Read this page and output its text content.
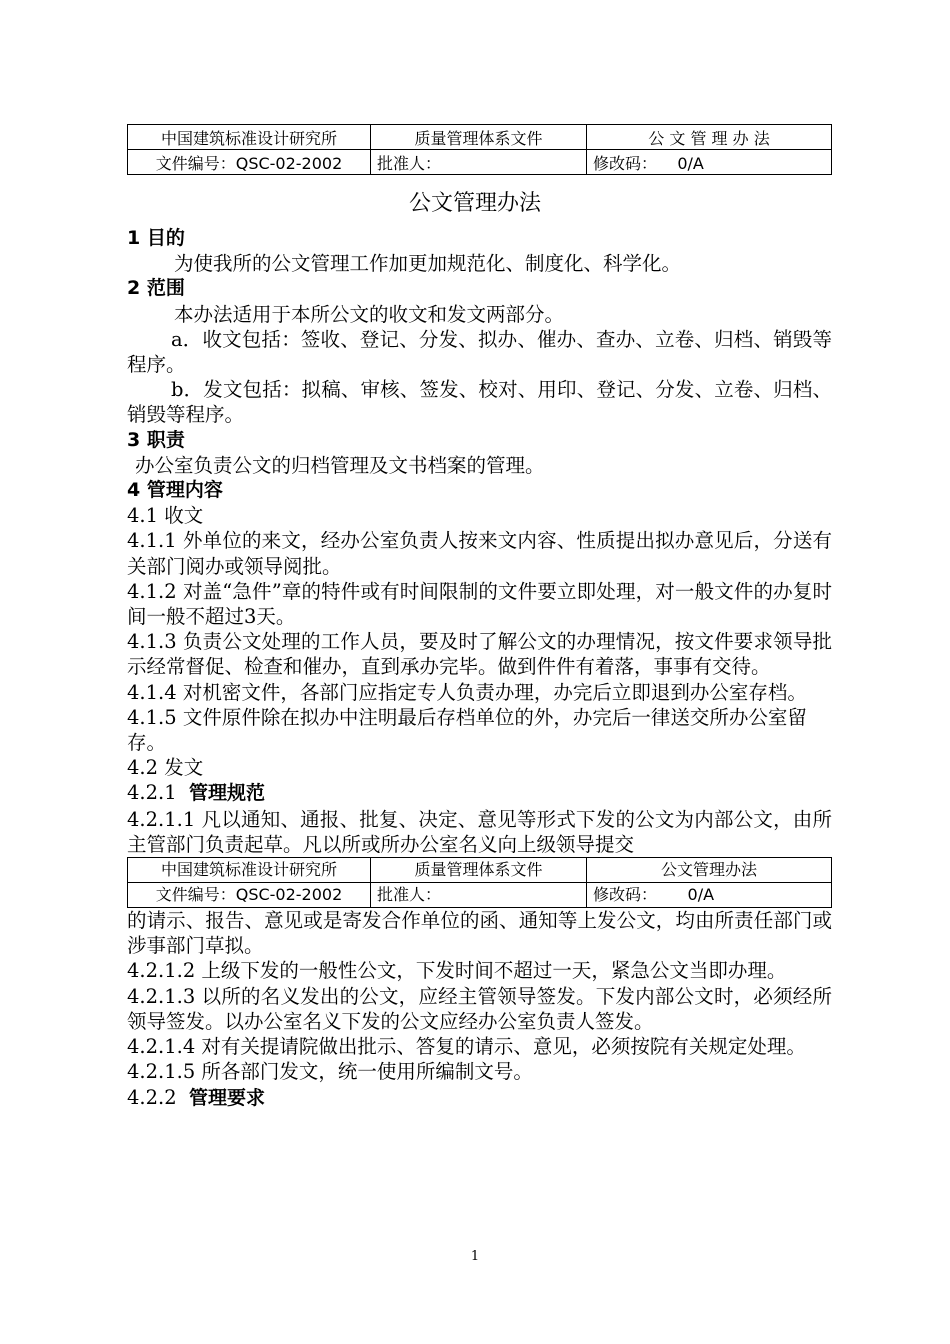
中国建筑标准设计研究所	质量管理体系文件	公 文 管 理 办 法
文件编号：QSC-02-2002	批准人：	修改码：    0/A
公文管理办法

1 目的

为使我所的公文管理工作加更加规范化、制度化、科学化。

2 范围

本办法适用于本所公文的收文和发文两部分。

a．收文包括：签收、登记、分发、拟办、催办、查办、立卷、归档、销毁等程序。

b．发文包括：拟稿、审核、签发、校对、用印、登记、分发、立卷、归档、销毁等程序。

3 职责

办公室负责公文的归档管理及文书档案的管理。

4 管理内容

4.1 收文

4.1.1 外单位的来文，经办公室负责人按来文内容、性质提出拟办意见后，分送有关部门阅办或领导阅批。

4.1.2 对盖“急件”章的特件或有时间限制的文件要立即处理，对一般文件的办复时间一般不超过3天。

4.1.3 负责公文处理的工作人员，要及时了解公文的办理情况，按文件要求领导批示经常督促、检查和催办，直到承办完毕。做到件件有着落，事事有交待。

4.1.4 对机密文件，各部门应指定专人负责办理，办完后立即退到办公室存档。

4.1.5 文件原件除在拟办中注明最后存档单位的外，办完后一律送交所办公室留存。

4.2 发文

4.2.1  管理规范

4.2.1.1 凡以通知、通报、批复、决定、意见等形式下发的公文为内部公文，由所主管部门负责起草。凡以所或所办公室名义向上级领导提交

中国建筑标准设计研究所	质量管理体系文件	公文管理办法
文件编号：QSC-02-2002	批准人：	修改码：      0/A

的请示、报告、意见或是寄发合作单位的函、通知等上发公文，均由所责任部门或涉事部门草拟。

4.2.1.2 上级下发的一般性公文，下发时间不超过一天，紧急公文当即办理。

4.2.1.3 以所的名义发出的公文，应经主管领导签发。下发内部公文时，必须经所领导签发。以办公室名义下发的公文应经办公室负责人签发。

4.2.1.4 对有关提请院做出批示、答复的请示、意见，必须按院有关规定处理。

4.2.1.5 所各部门发文，统一使用所编制文号。

4.2.2  管理要求

1
